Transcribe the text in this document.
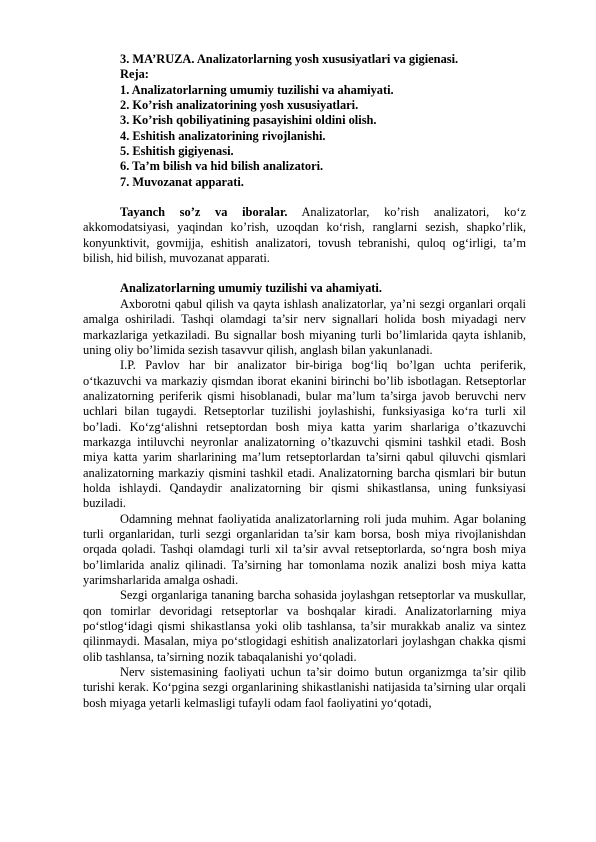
3. MA’RUZA. Analizatorlarning yosh xususiyatlari va gigienasi.

Reja:

1. Analizatorlarning umumiy tuzilishi va ahamiyati.

2. Ko’rish analizatorining yosh xususiyatlari.

3. Ko’rish qobiliyatining pasayishini oldini olish.

4. Eshitish analizatorining rivojlanishi.

5. Eshitish gigiyenasi.

6. Ta’m bilish va hid bilish analizatori.

7. Muvozanat apparati.

Tayanch so’z va iboralar. Analizatorlar, ko’rish analizatori, ko‘z akkomodatsiyasi, yaqindan ko’rish, uzoqdan ko‘rish, ranglarni sezish, shapko’rlik, konyunktivit, govmijja, eshitish analizatori, tovush tebranishi, quloq og‘irligi, ta’m bilish, hid bilish, muvozanat apparati.

Analizatorlarning umumiy tuzilishi va ahamiyati.

Axborotni qabul qilish va qayta ishlash analizatorlar, ya’ni sezgi organlari orqali amalga oshiriladi. Tashqi olamdagi ta’sir nerv signallari holida bosh miyadagi nerv markazlariga yetkaziladi. Bu signallar bosh miyaning turli bo’limlarida qayta ishlanib, uning oliy bo’limida sezish tasavvur qilish, anglash bilan yakunlanadi.

I.P. Pavlov har bir analizator bir-biriga bog‘liq bo’lgan uchta periferik, o‘tkazuvchi va markaziy qismdan iborat ekanini birinchi bo’lib isbotlagan. Retseptorlar analizatorning periferik qismi hisoblanadi, bular ma’lum ta’sirga javob beruvchi nerv uchlari bilan tugaydi. Retseptorlar tuzilishi joylashishi, funksiyasiga ko‘ra turli xil bo’ladi. Ko‘zg‘alishni retseptordan bosh miya katta yarim sharlariga o’tkazuvchi markazga intiluvchi neyronlar analizatorning o’tkazuvchi qismini tashkil etadi. Bosh miya katta yarim sharlarining ma’lum retseptorlardan ta’sirni qabul qiluvchi qismlari analizatorning markaziy qismini tashkil etadi. Analizatorning barcha qismlari bir butun holda ishlaydi. Qandaydir analizatorning bir qismi shikastlansa, uning funksiyasi buziladi.

Odamning mehnat faoliyatida analizatorlarning roli juda muhim. Agar bolaning turli organlaridan, turli sezgi organlaridan ta’sir kam borsa, bosh miya rivojlanishdan orqada qoladi. Tashqi olamdagi turli xil ta’sir avval retseptorlarda, so‘ngra bosh miya bo’limlarida analiz qilinadi. Ta’sirning har tomonlama nozik analizi bosh miya katta yarimsharlarida amalga oshadi.

Sezgi organlariga tananing barcha sohasida joylashgan retseptorlar va muskullar, qon tomirlar devoridagi retseptorlar va boshqalar kiradi. Analizatorlarning miya po‘stlog‘idagi qismi shikastlansa yoki olib tashlansa, ta’sir murakkab analiz va sintez qilinmaydi. Masalan, miya po‘stlogidagi eshitish analizatorlari joylashgan chakka qismi olib tashlansa, ta’sirning nozik tabaqalanishi yo‘qoladi.

Nerv sistemasining faoliyati uchun ta’sir doimo butun organizmga ta’sir qilib turishi kerak. Ko‘pgina sezgi organlarining shikastlanishi natijasida ta’sirning ular orqali bosh miyaga yetarli kelmasligi tufayli odam faol faoliyatini yo‘qotadi,
